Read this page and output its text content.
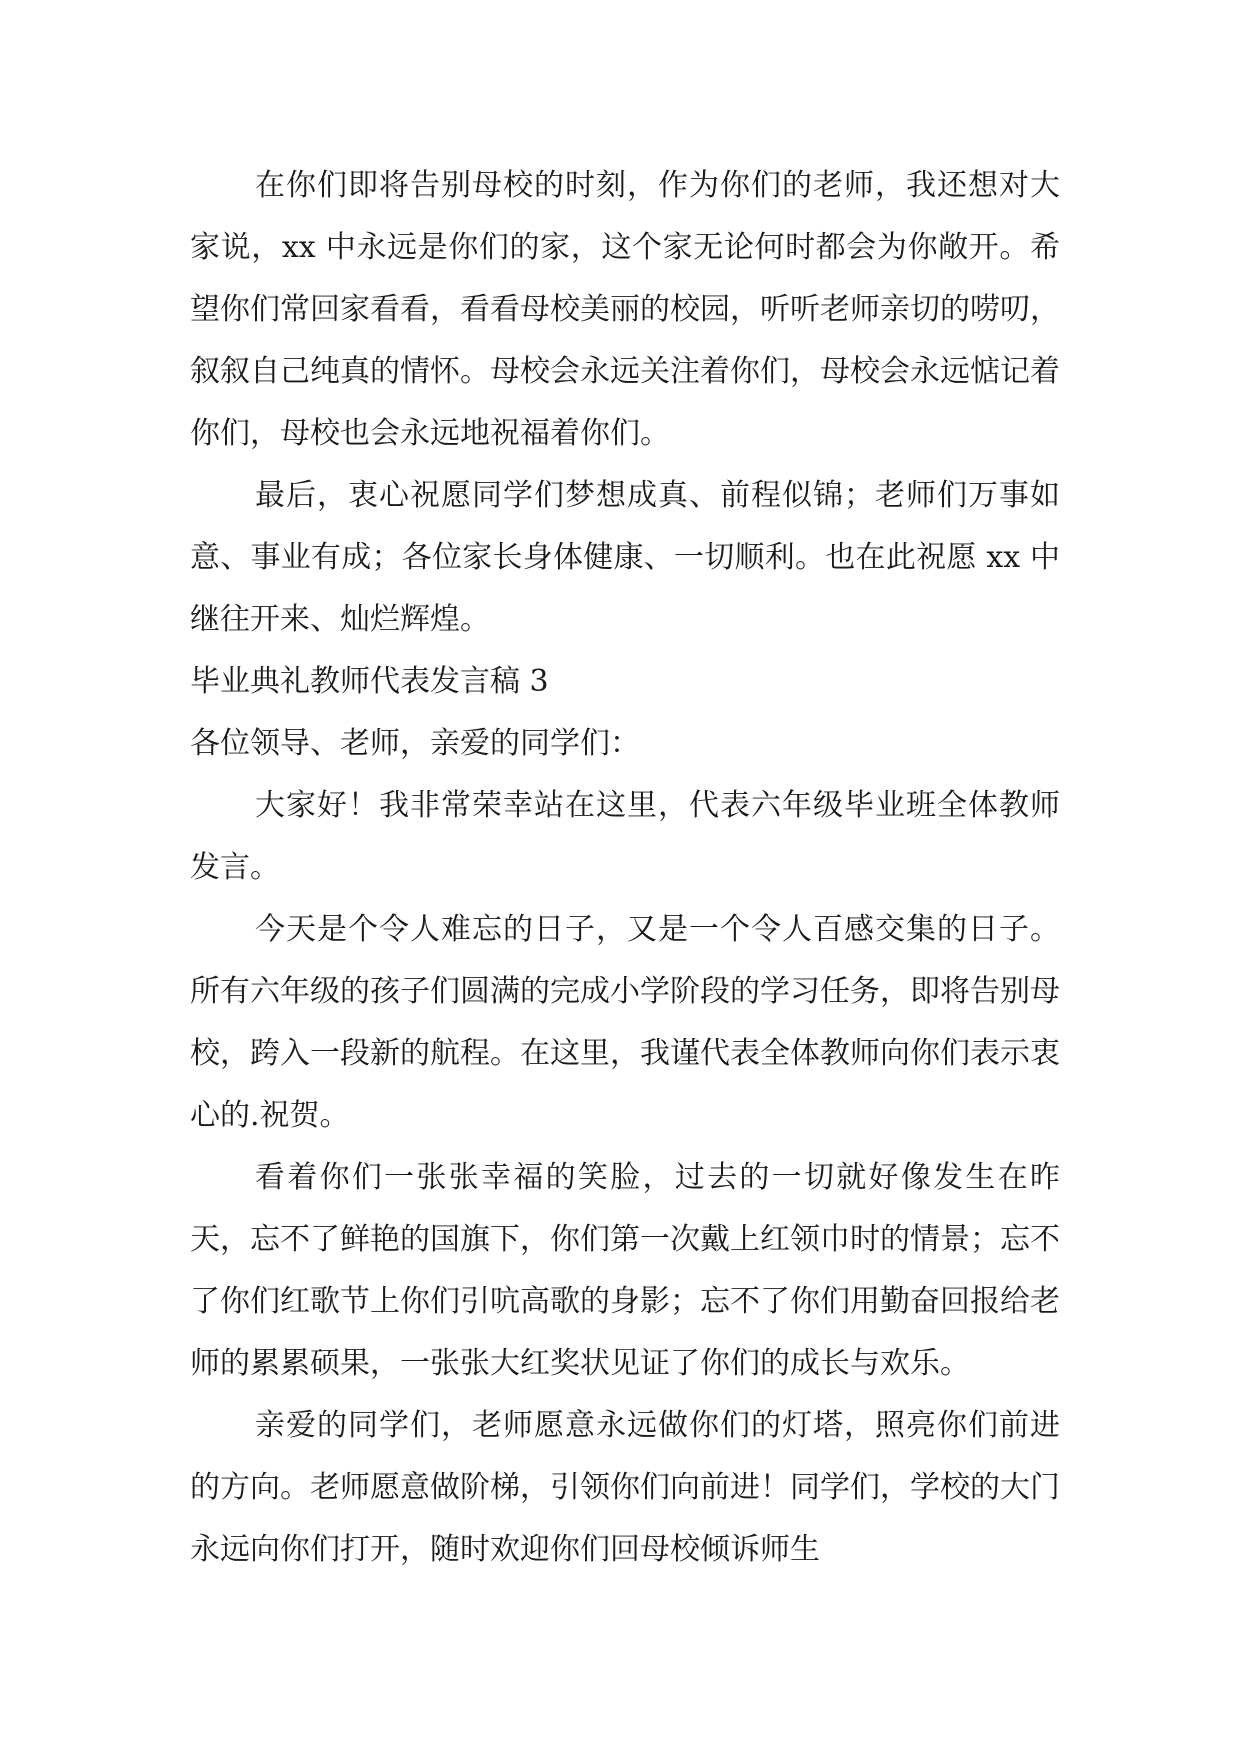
在你们即将告别母校的时刻，作为你们的老师，我还想对大家说，xx 中永远是你们的家，这个家无论何时都会为你敞开。希望你们常回家看看，看看母校美丽的校园，听听老师亲切的唠叨，叙叙自己纯真的情怀。母校会永远关注着你们，母校会永远惦记着你们，母校也会永远地祝福着你们。

最后，衷心祝愿同学们梦想成真、前程似锦；老师们万事如意、事业有成；各位家长身体健康、一切顺利。也在此祝愿 xx 中继往开来、灿烂辉煌。

毕业典礼教师代表发言稿 3

各位领导、老师，亲爱的同学们：

大家好！我非常荣幸站在这里，代表六年级毕业班全体教师发言。

今天是个令人难忘的日子，又是一个令人百感交集的日子。所有六年级的孩子们圆满的完成小学阶段的学习任务，即将告别母校，跨入一段新的航程。在这里，我谨代表全体教师向你们表示衷心的.祝贺。

看着你们一张张幸福的笑脸，过去的一切就好像发生在昨天，忘不了鲜艳的国旗下，你们第一次戴上红领巾时的情景；忘不了你们红歌节上你们引吭高歌的身影；忘不了你们用勤奋回报给老师的累累硕果，一张张大红奖状见证了你们的成长与欢乐。

亲爱的同学们，老师愿意永远做你们的灯塔，照亮你们前进的方向。老师愿意做阶梯，引领你们向前进！同学们，学校的大门永远向你们打开，随时欢迎你们回母校倾诉师生
